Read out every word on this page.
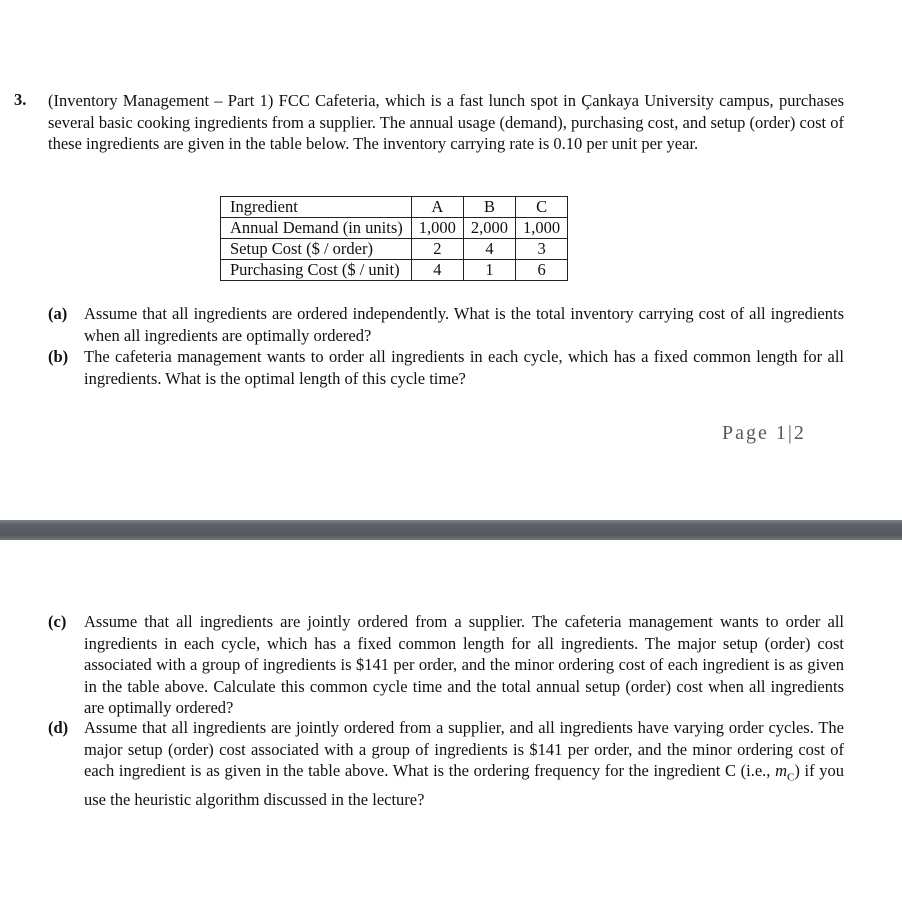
3. (Inventory Management – Part 1) FCC Cafeteria, which is a fast lunch spot in Çankaya University campus, purchases several basic cooking ingredients from a supplier. The annual usage (demand), purchasing cost, and setup (order) cost of these ingredients are given in the table below. The inventory carrying rate is 0.10 per unit per year.
Ingredient	A	B	C
Annual Demand (in units)	1,000	2,000	1,000
Setup Cost ($ / order)	2	4	3
Purchasing Cost ($ / unit)	4	1	6
(a) Assume that all ingredients are ordered independently. What is the total inventory carrying cost of all ingredients when all ingredients are optimally ordered?
(b) The cafeteria management wants to order all ingredients in each cycle, which has a fixed common length for all ingredients. What is the optimal length of this cycle time?
Page 1|2
(c) Assume that all ingredients are jointly ordered from a supplier. The cafeteria management wants to order all ingredients in each cycle, which has a fixed common length for all ingredients. The major setup (order) cost associated with a group of ingredients is $141 per order, and the minor ordering cost of each ingredient is as given in the table above. Calculate this common cycle time and the total annual setup (order) cost when all ingredients are optimally ordered?
(d) Assume that all ingredients are jointly ordered from a supplier, and all ingredients have varying order cycles. The major setup (order) cost associated with a group of ingredients is $141 per order, and the minor ordering cost of each ingredient is as given in the table above. What is the ordering frequency for the ingredient C (i.e., $m_C$) if you use the heuristic algorithm discussed in the lecture?
